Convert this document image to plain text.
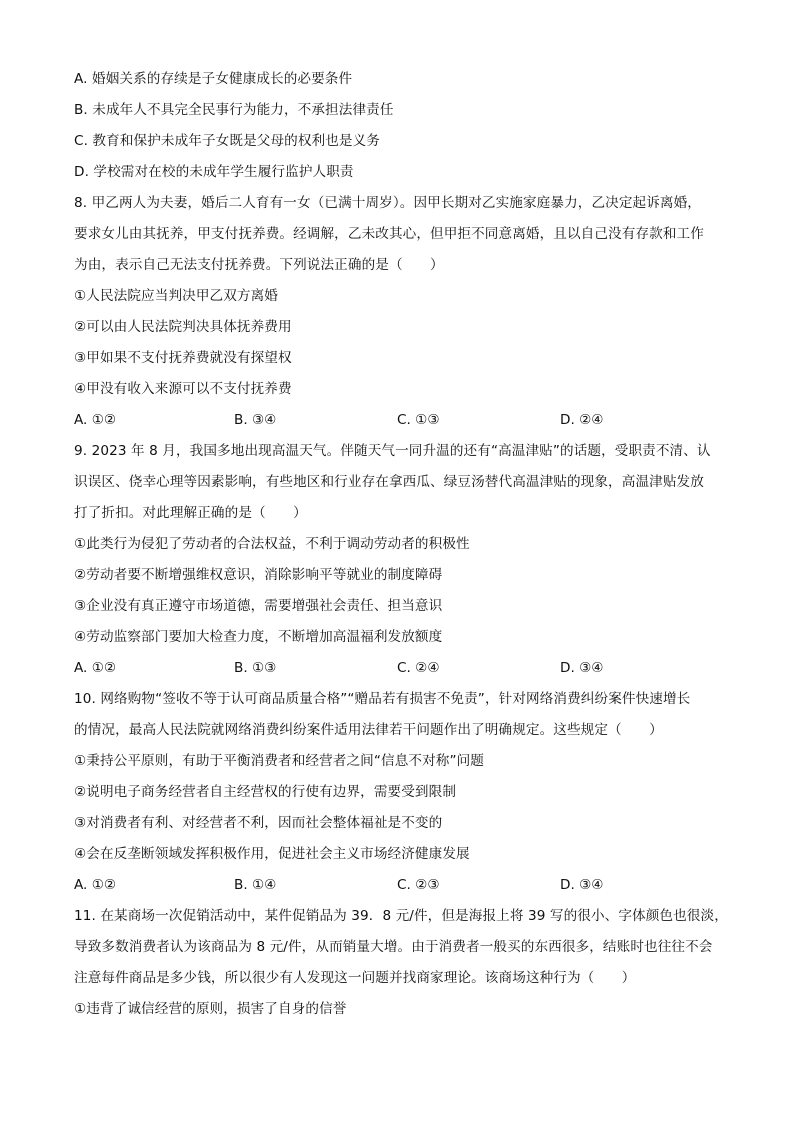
A. 婚姻关系的存续是子女健康成长的必要条件
B. 未成年人不具完全民事行为能力，不承担法律责任
C. 教育和保护未成年子女既是父母的权利也是义务
D. 学校需对在校的未成年学生履行监护人职责
8. 甲乙两人为夫妻，婚后二人育有一女（已满十周岁）。因甲长期对乙实施家庭暴力，乙决定起诉离婚，
要求女儿由其抚养，甲支付抚养费。经调解，乙未改其心，但甲拒不同意离婚，且以自己没有存款和工作
为由，表示自己无法支付抚养费。下列说法正确的是（　　）
①人民法院应当判决甲乙双方离婚
②可以由人民法院判决具体抚养费用
③甲如果不支付抚养费就没有探望权
④甲没有收入来源可以不支付抚养费
A. ①②	B. ③④	C. ①③	D. ②④
9. 2023 年 8 月，我国多地出现高温天气。伴随天气一同升温的还有“高温津贴”的话题，受职责不清、认
识误区、侥幸心理等因素影响，有些地区和行业存在拿西瓜、绿豆汤替代高温津贴的现象，高温津贴发放
打了折扣。对此理解正确的是（　　）
①此类行为侵犯了劳动者的合法权益，不利于调动劳动者的积极性
②劳动者要不断增强维权意识，消除影响平等就业的制度障碍
③企业没有真正遵守市场道德，需要增强社会责任、担当意识
④劳动监察部门要加大检查力度，不断增加高温福利发放额度
A. ①②	B. ①③	C. ②④	D. ③④
10. 网络购物“签收不等于认可商品质量合格”“赠品若有损害不免责”，针对网络消费纠纷案件快速增长
的情况，最高人民法院就网络消费纠纷案件适用法律若干问题作出了明确规定。这些规定（　　）
①秉持公平原则，有助于平衡消费者和经营者之间“信息不对称”问题
②说明电子商务经营者自主经营权的行使有边界，需要受到限制
③对消费者有利、对经营者不利，因而社会整体福祉是不变的
④会在反垄断领域发挥积极作用，促进社会主义市场经济健康发展
A. ①②	B. ①④	C. ②③	D. ③④
11. 在某商场一次促销活动中，某件促销品为 39．8 元/件，但是海报上将 39 写的很小、字体颜色也很淡，
导致多数消费者认为该商品为 8 元/件，从而销量大增。由于消费者一般买的东西很多，结账时也往往不会
注意每件商品是多少钱，所以很少有人发现这一问题并找商家理论。该商场这种行为（　　）
①违背了诚信经营的原则，损害了自身的信誉
